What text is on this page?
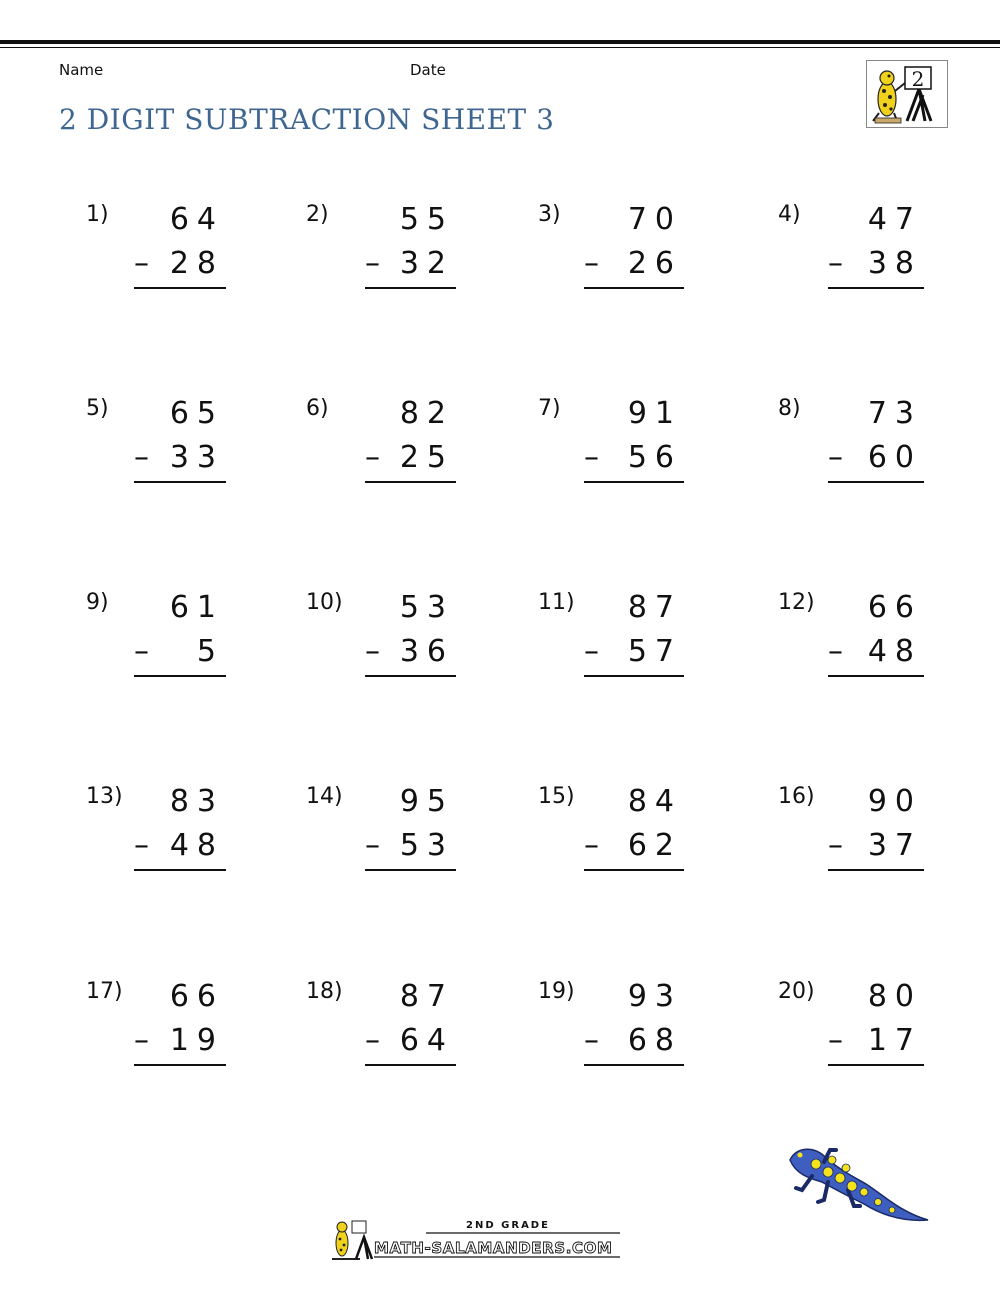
Name	Date
2 DIGIT SUBTRACTION SHEET 3
2
1)	64
– 28
2)	55
– 32
3)	70
– 26
4)	47
– 38
5)	65
– 33
6)	82
– 25
7)	91
– 56
8)	73
– 60
9)	61
–	5
10)	53
– 36
11)	87
– 57
12)	66
– 48
13)	83
– 48
14)	95
– 53
15)	84
– 62
16)	90
– 37
17)	66
– 19
18)	87
– 64
19)	93
– 68
20)	80
– 17
2ND GRADE
MATH-SALAMANDERS.COM
